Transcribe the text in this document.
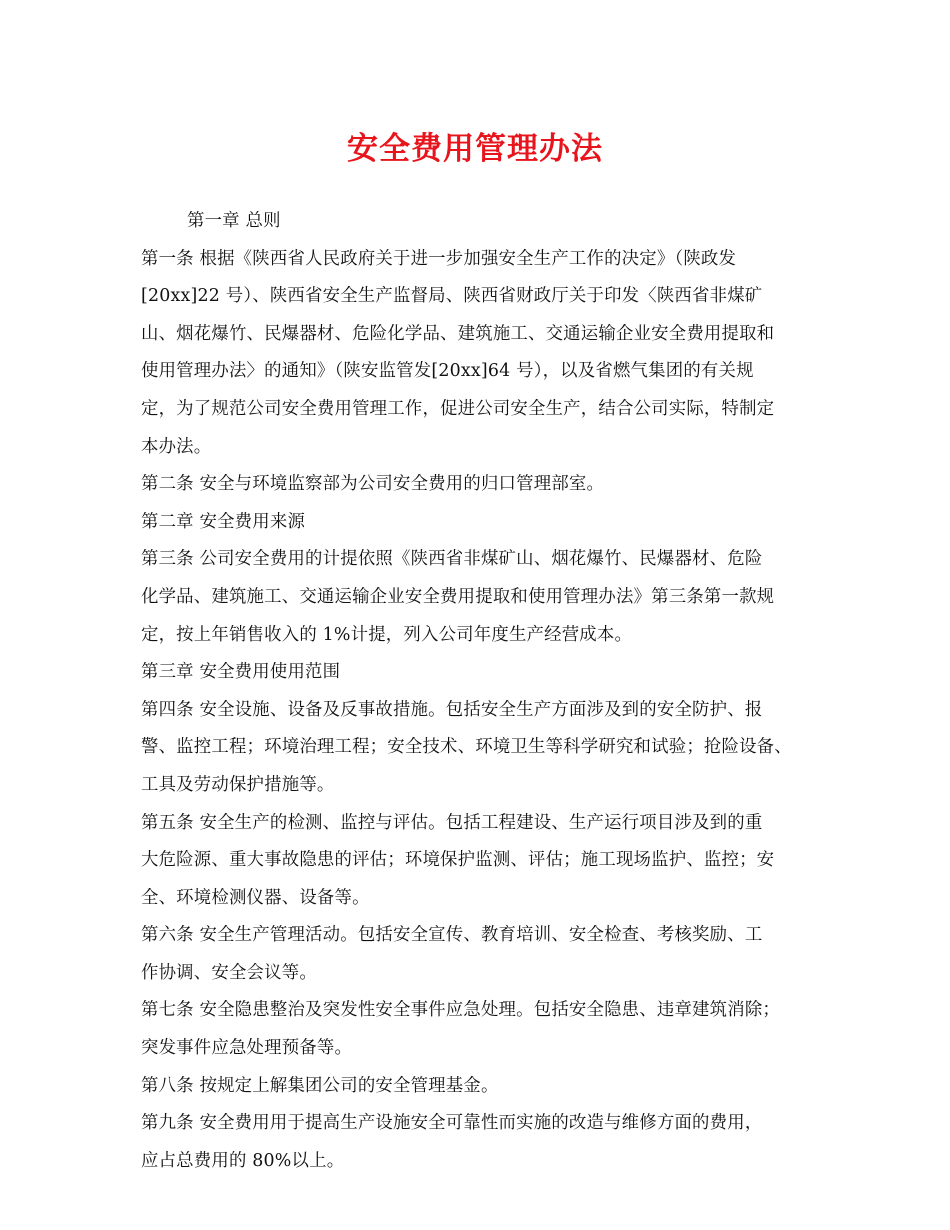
安全费用管理办法
第一章 总则
第一条 根据《陕西省人民政府关于进一步加强安全生产工作的决定》（陕政发
[20xx]22 号）、陕西省安全生产监督局、陕西省财政厅关于印发〈陕西省非煤矿
山、烟花爆竹、民爆器材、危险化学品、建筑施工、交通运输企业安全费用提取和
使用管理办法〉的通知》（陕安监管发[20xx]64 号），以及省燃气集团的有关规
定，为了规范公司安全费用管理工作，促进公司安全生产，结合公司实际，特制定
本办法。
第二条 安全与环境监察部为公司安全费用的归口管理部室。
第二章 安全费用来源
第三条 公司安全费用的计提依照《陕西省非煤矿山、烟花爆竹、民爆器材、危险
化学品、建筑施工、交通运输企业安全费用提取和使用管理办法》第三条第一款规
定，按上年销售收入的 1%计提，列入公司年度生产经营成本。
第三章 安全费用使用范围
第四条 安全设施、设备及反事故措施。包括安全生产方面涉及到的安全防护、报
警、监控工程；环境治理工程；安全技术、环境卫生等科学研究和试验；抢险设备、
工具及劳动保护措施等。
第五条 安全生产的检测、监控与评估。包括工程建设、生产运行项目涉及到的重
大危险源、重大事故隐患的评估；环境保护监测、评估；施工现场监护、监控；安
全、环境检测仪器、设备等。
第六条 安全生产管理活动。包括安全宣传、教育培训、安全检查、考核奖励、工
作协调、安全会议等。
第七条 安全隐患整治及突发性安全事件应急处理。包括安全隐患、违章建筑消除；
突发事件应急处理预备等。
第八条 按规定上解集团公司的安全管理基金。
第九条 安全费用用于提高生产设施安全可靠性而实施的改造与维修方面的费用，
应占总费用的 80%以上。
